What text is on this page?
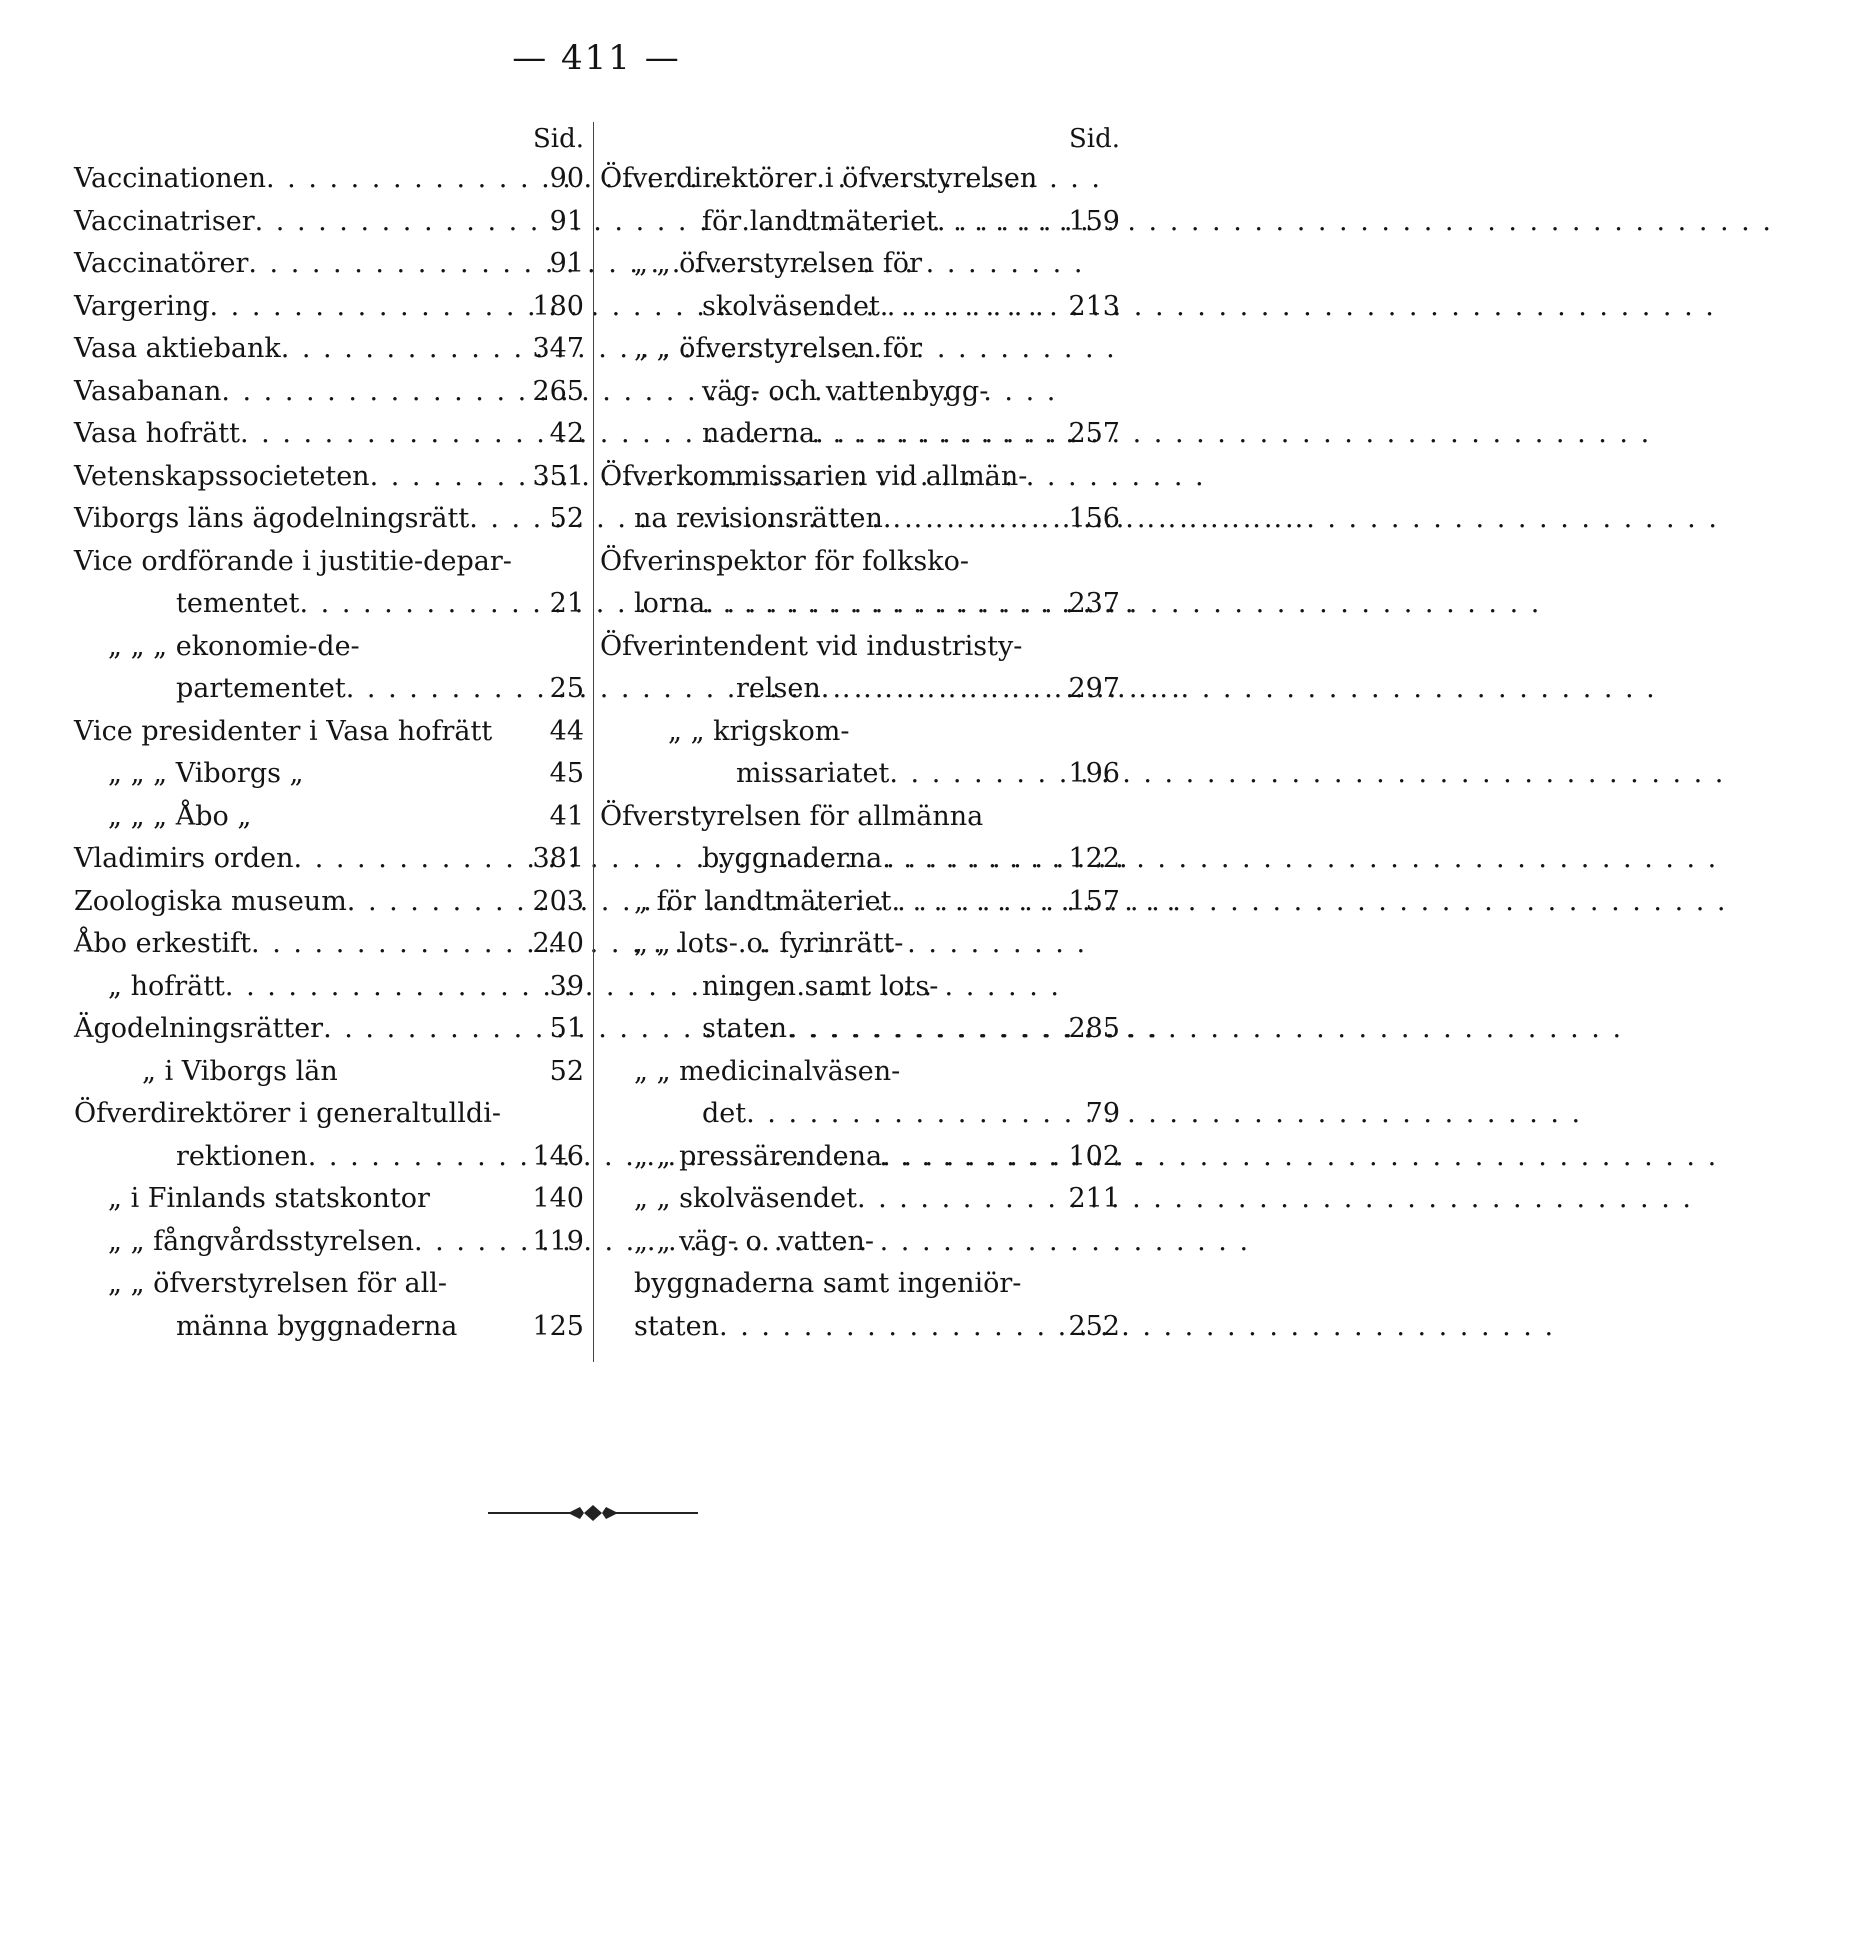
— 411 —
Sid.
Vaccinationen . . .	90
Vaccinatriser . . .	91
Vaccinatörer . . .	91
Vargering . . .	180
Vasa aktiebank . . .	347
Vasabanan . . .	265
Vasa hofrätt . . .	42
Vetenskapssocieteten . . .	351
Viborgs läns ägodelningsrätt . . .	52
Vice ordförande i justitie-depar-
tementet . . .	21
„ „ „ ekonomie-de-
partementet . . .	25
Vice presidenter i Vasa hofrätt 44
„ „ „ Viborgs „	45
„ „ „ Åbo „	41
Vladimirs orden . . .	381
Zoologiska museum . . .	203
Åbo erkestift . . .	240
„ hofrätt . . .	39
Ägodelningsrätter . . .	51
„ i Viborgs län	52
Öfverdirektörer i generaltulldi-
rektionen . . .	146
„ i Finlands statskontor	140
„ „ fångvårdsstyrelsen . . .	119
„ „ öfverstyrelsen för all-
männa byggnaderna	125
Sid.
Öfverdirektörer i öfverstyrelsen
för landtmäteriet . . .	159
„ „ öfverstyrelsen för
skolväsendet . . .	213
„ „ öfverstyrelsen för
väg- och vattenbygg-
naderna . . .	257
Öfverkommissarien vid allmän-
na revisionsrätten . . .	156
Öfverinspektor för folksko-
lorna . . .	237
Öfverintendent vid industristy-
relsen . . .	297
„ „ krigskom-
missariatet . . .	196
Öfverstyrelsen för allmänna
byggnaderna . . .	122
„ för landtmäteriet . . .	157
„ „ lots- o. fyrinrätt-
ningen samt lots-
staten . . .	285
„ „ medicinalväsen-
det . . .	79
„ „ pressärendena . . .	102
„ „ skolväsendet . . .	211
„ „ väg- o. vatten-
byggnaderna samt ingeniör-
staten . . .	252
